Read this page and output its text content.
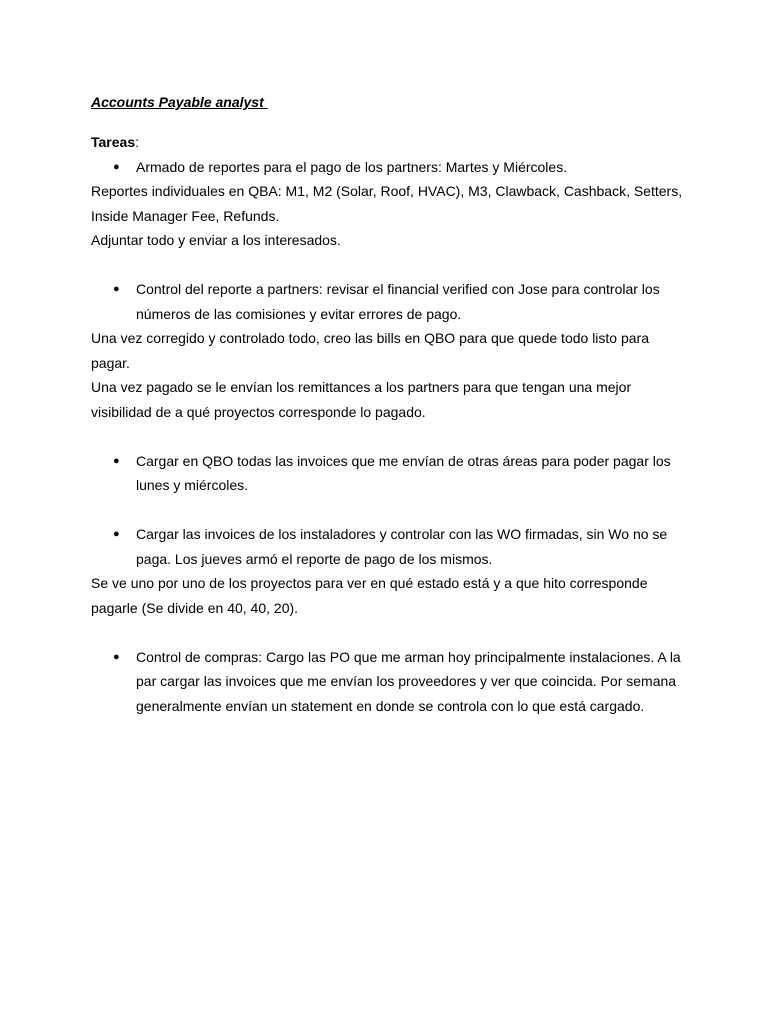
Accounts Payable analyst

Tareas:

● Armado de reportes para el pago de los partners: Martes y Miércoles.

Reportes individuales en QBA: M1, M2 (Solar, Roof, HVAC), M3, Clawback, Cashback, Setters, Inside Manager Fee, Refunds.

Adjuntar todo y enviar a los interesados.

● Control del reporte a partners: revisar el financial verified con Jose para controlar los números de las comisiones y evitar errores de pago.

Una vez corregido y controlado todo, creo las bills en QBO para que quede todo listo para pagar.

Una vez pagado se le envían los remittances a los partners para que tengan una mejor visibilidad de a qué proyectos corresponde lo pagado.

● Cargar en QBO todas las invoices que me envían de otras áreas para poder pagar los lunes y miércoles.
● Cargar las invoices de los instaladores y controlar con las WO firmadas, sin Wo no se paga. Los jueves armó el reporte de pago de los mismos.

Se ve uno por uno de los proyectos para ver en qué estado está y a que hito corresponde pagarle (Se divide en 40, 40, 20).

● Control de compras: Cargo las PO que me arman hoy principalmente instalaciones. A la par cargar las invoices que me envían los proveedores y ver que coincida. Por semana generalmente envían un statement en donde se controla con lo que está cargado.
